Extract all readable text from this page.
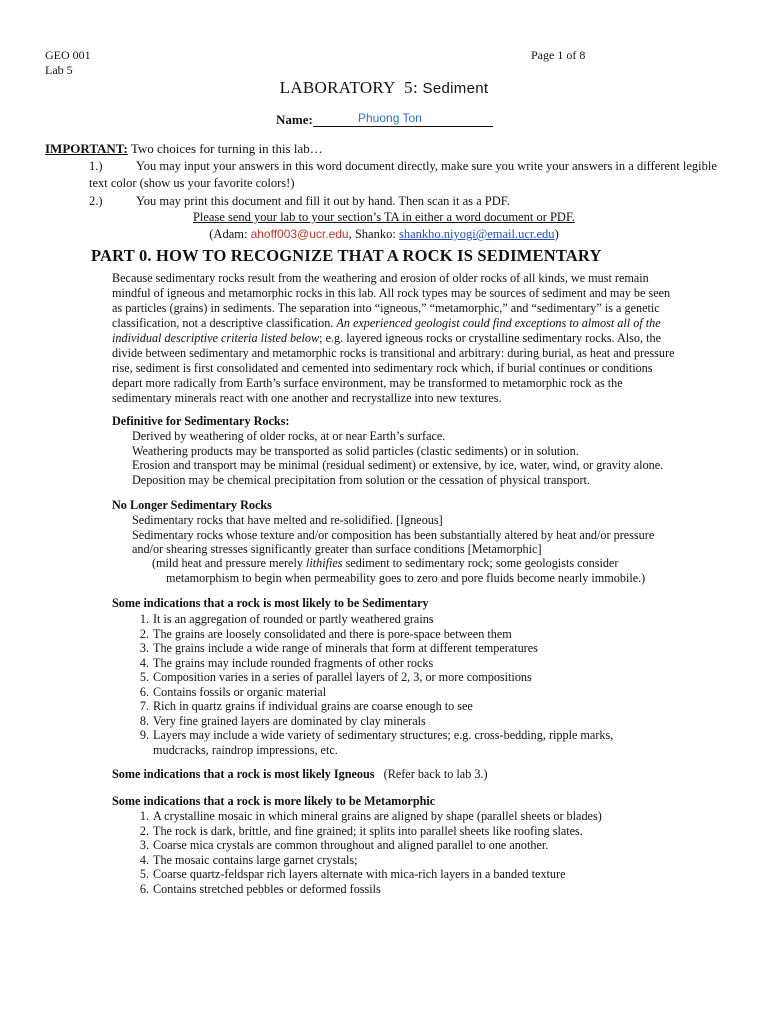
GEO 001
Lab 5
Page 1 of 8
LABORATORY  5: Sediment
Name:	Phuong Ton
IMPORTANT: Two choices for turning in this lab…
1.)	You may input your answers in this word document directly, make sure you write your answers in a different legible
text color (show us your favorite colors!)
2.)	You may print this document and fill it out by hand. Then scan it as a PDF.
Please send your lab to your section’s TA in either a word document or PDF.
(Adam: ahoff003@ucr.edu, Shanko: shankho.niyogi@email.ucr.edu)
PART 0. HOW TO RECOGNIZE THAT A ROCK IS SEDIMENTARY
Because sedimentary rocks result from the weathering and erosion of older rocks of all kinds, we must remain mindful of igneous and metamorphic rocks in this lab. All rock types may be sources of sediment and may be seen as particles (grains) in sediments. The separation into “igneous,” “metamorphic,” and “sedimentary” is a genetic classification, not a descriptive classification. An experienced geologist could find exceptions to almost all of the individual descriptive criteria listed below; e.g. layered igneous rocks or crystalline sedimentary rocks. Also, the divide between sedimentary and metamorphic rocks is transitional and arbitrary: during burial, as heat and pressure rise, sediment is first consolidated and cemented into sedimentary rock which, if burial continues or conditions depart more radically from Earth’s surface environment, may be transformed to metamorphic rock as the sedimentary minerals react with one another and recrystallize into new textures.
Definitive for Sedimentary Rocks:
Derived by weathering of older rocks, at or near Earth’s surface.
Weathering products may be transported as solid particles (clastic sediments) or in solution.
Erosion and transport may be minimal (residual sediment) or extensive, by ice, water, wind, or gravity alone.
Deposition may be chemical precipitation from solution or the cessation of physical transport.
No Longer Sedimentary Rocks
Sedimentary rocks that have melted and re-solidified. [Igneous]
Sedimentary rocks whose texture and/or composition has been substantially altered by heat and/or pressure
and/or shearing stresses significantly greater than surface conditions [Metamorphic]
(mild heat and pressure merely lithifies sediment to sedimentary rock; some geologists consider
metamorphism to begin when permeability goes to zero and pore fluids become nearly immobile.)
Some indications that a rock is most likely to be Sedimentary
1. It is an aggregation of rounded or partly weathered grains
2. The grains are loosely consolidated and there is pore-space between them
3. The grains include a wide range of minerals that form at different temperatures
4. The grains may include rounded fragments of other rocks
5. Composition varies in a series of parallel layers of 2, 3, or more compositions
6. Contains fossils or organic material
7. Rich in quartz grains if individual grains are coarse enough to see
8. Very fine grained layers are dominated by clay minerals
9. Layers may include a wide variety of sedimentary structures; e.g. cross-bedding, ripple marks,
mudcracks, raindrop impressions, etc.
Some indications that a rock is most likely Igneous   (Refer back to lab 3.)
Some indications that a rock is more likely to be Metamorphic
1. A crystalline mosaic in which mineral grains are aligned by shape (parallel sheets or blades)
2. The rock is dark, brittle, and fine grained; it splits into parallel sheets like roofing slates.
3. Coarse mica crystals are common throughout and aligned parallel to one another.
4. The mosaic contains large garnet crystals;
5. Coarse quartz-feldspar rich layers alternate with mica-rich layers in a banded texture
6. Contains stretched pebbles or deformed fossils
